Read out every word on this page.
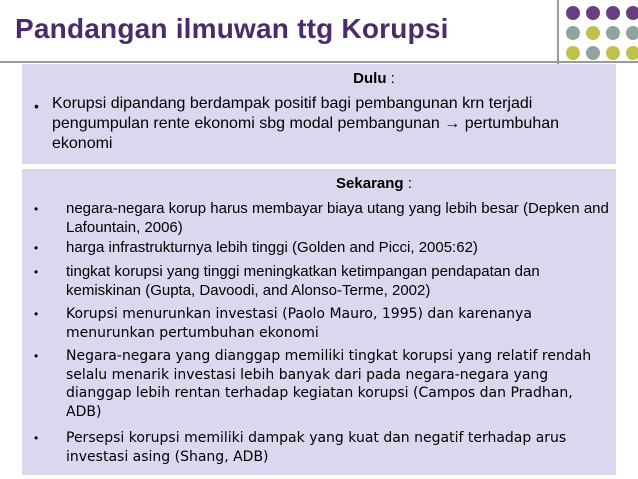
Pandangan ilmuwan ttg Korupsi
Dulu :
• Korupsi dipandang berdampak positif bagi pembangunan krn terjadi pengumpulan rente ekonomi sbg modal pembangunan → pertumbuhan ekonomi
Sekarang :
• negara-negara korup harus membayar biaya utang yang lebih besar (Depken and Lafountain, 2006)
• harga infrastrukturnya lebih tinggi (Golden and Picci, 2005:62)
• tingkat korupsi yang tinggi meningkatkan ketimpangan pendapatan dan kemiskinan (Gupta, Davoodi, and Alonso-Terme, 2002)
• Korupsi menurunkan investasi (Paolo Mauro, 1995) dan karenanya menurunkan pertumbuhan ekonomi
• Negara-negara yang dianggap memiliki tingkat korupsi yang relatif rendah selalu menarik investasi lebih banyak dari pada negara-negara yang dianggap lebih rentan terhadap kegiatan korupsi (Campos dan Pradhan, ADB)
• Persepsi korupsi memiliki dampak yang kuat dan negatif terhadap arus investasi asing (Shang, ADB)
